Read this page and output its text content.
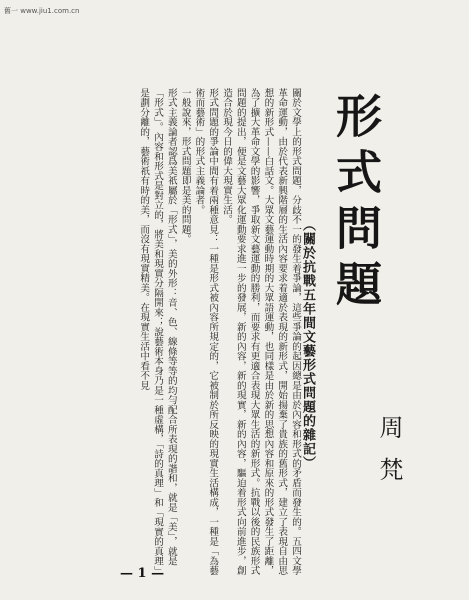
舊一 www.jiu1.com.cn
形式問題
（關於抗戰五年間文藝形式問題的雜記）	周梵

關於文學上的形式問題，分歧不一的發生着爭論，這些爭論的起因總是由於內容和形式的矛盾而發生的。五四文學革命運動，由於代表新興階層的生活內容要求着適於表現的新形式，開始揚棄了貴族的舊形式，建立了表現自由思想的新形式——白話文。大眾文藝運動時期的大眾語運動，也同樣是由於新的思想內容和原來的形式發生了距離，為了擴大革命文學的影響，爭取新文藝運動的勝利，而要求有更適合表現大眾生活的新形式。抗戰以後的民族形式問題的提出，便是文藝大眾化運動要求進一步的發展，新的內容，新的現實，新的內容，驅迫着形式向前進步，創造合於現今日的偉大現實生活。

形式問題的爭論中間有着兩種意見：一種是形式被內容所規定的，它被制於所反映的現實生活構成，一種是「為藝術而藝術」的形式主義論者。

一般說來，形式問題即是美的問題。

形式主義論者認爲美祇屬於「形式」，美的外形：音、色、線條等等的均勻配合所表現的諧和，就是「美」，就是「形式」。內容和形式是對立的，將美和現實分隔開來；說藝術本身乃是一種虛構，「詩的真理」和「現實的真理」是劃分離的，藝術祇有時的美，而沒有現實精美。在現實生活中看不見

— 1 —
